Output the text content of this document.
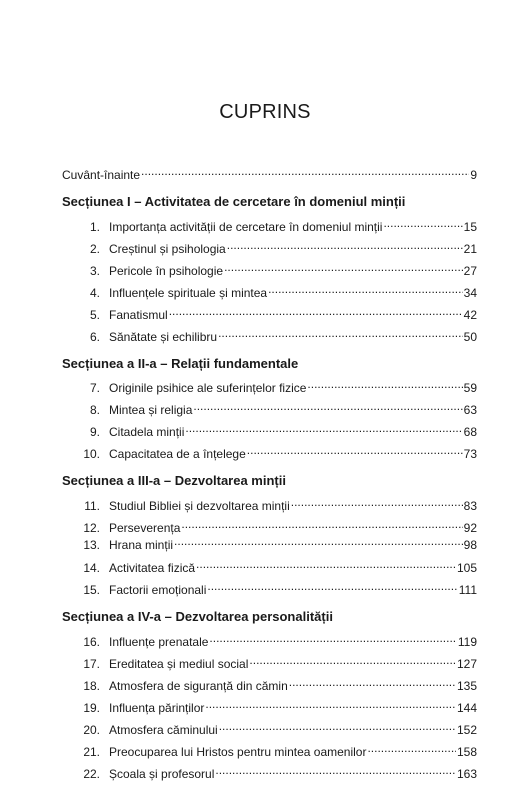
CUPRINS
Cuvânt-înainte .....	9
Secțiunea I – Activitatea de cercetare în domeniul minții
1. Importanța activității de cercetare în domeniul minții .....	15
2. Creștinul și psihologia .....	21
3. Pericole în psihologie .....	27
4. Influențele spirituale și mintea .....	34
5. Fanatismul .....	42
6. Sănătate și echilibru .....	50
Secțiunea a II-a – Relații fundamentale
7. Originile psihice ale suferințelor fizice .....	59
8. Mintea și religia .....	63
9. Citadela minții .....	68
10. Capacitatea de a înțelege .....	73
Secțiunea a III-a – Dezvoltarea minții
11. Studiul Bibliei și dezvoltarea minții .....	83
12. Perseverența .....	92
13. Hrana minții .....	98
14. Activitatea fizică .....	105
15. Factorii emoționali .....	111
Secțiunea a IV-a – Dezvoltarea personalității
16. Influențe prenatale .....	119
17. Ereditatea și mediul social .....	127
18. Atmosfera de siguranță din cămin .....	135
19. Influența părinților .....	144
20. Atmosfera căminului .....	152
21. Preocuparea lui Hristos pentru mintea oamenilor .....	158
22. Școala și profesorul .....	163
